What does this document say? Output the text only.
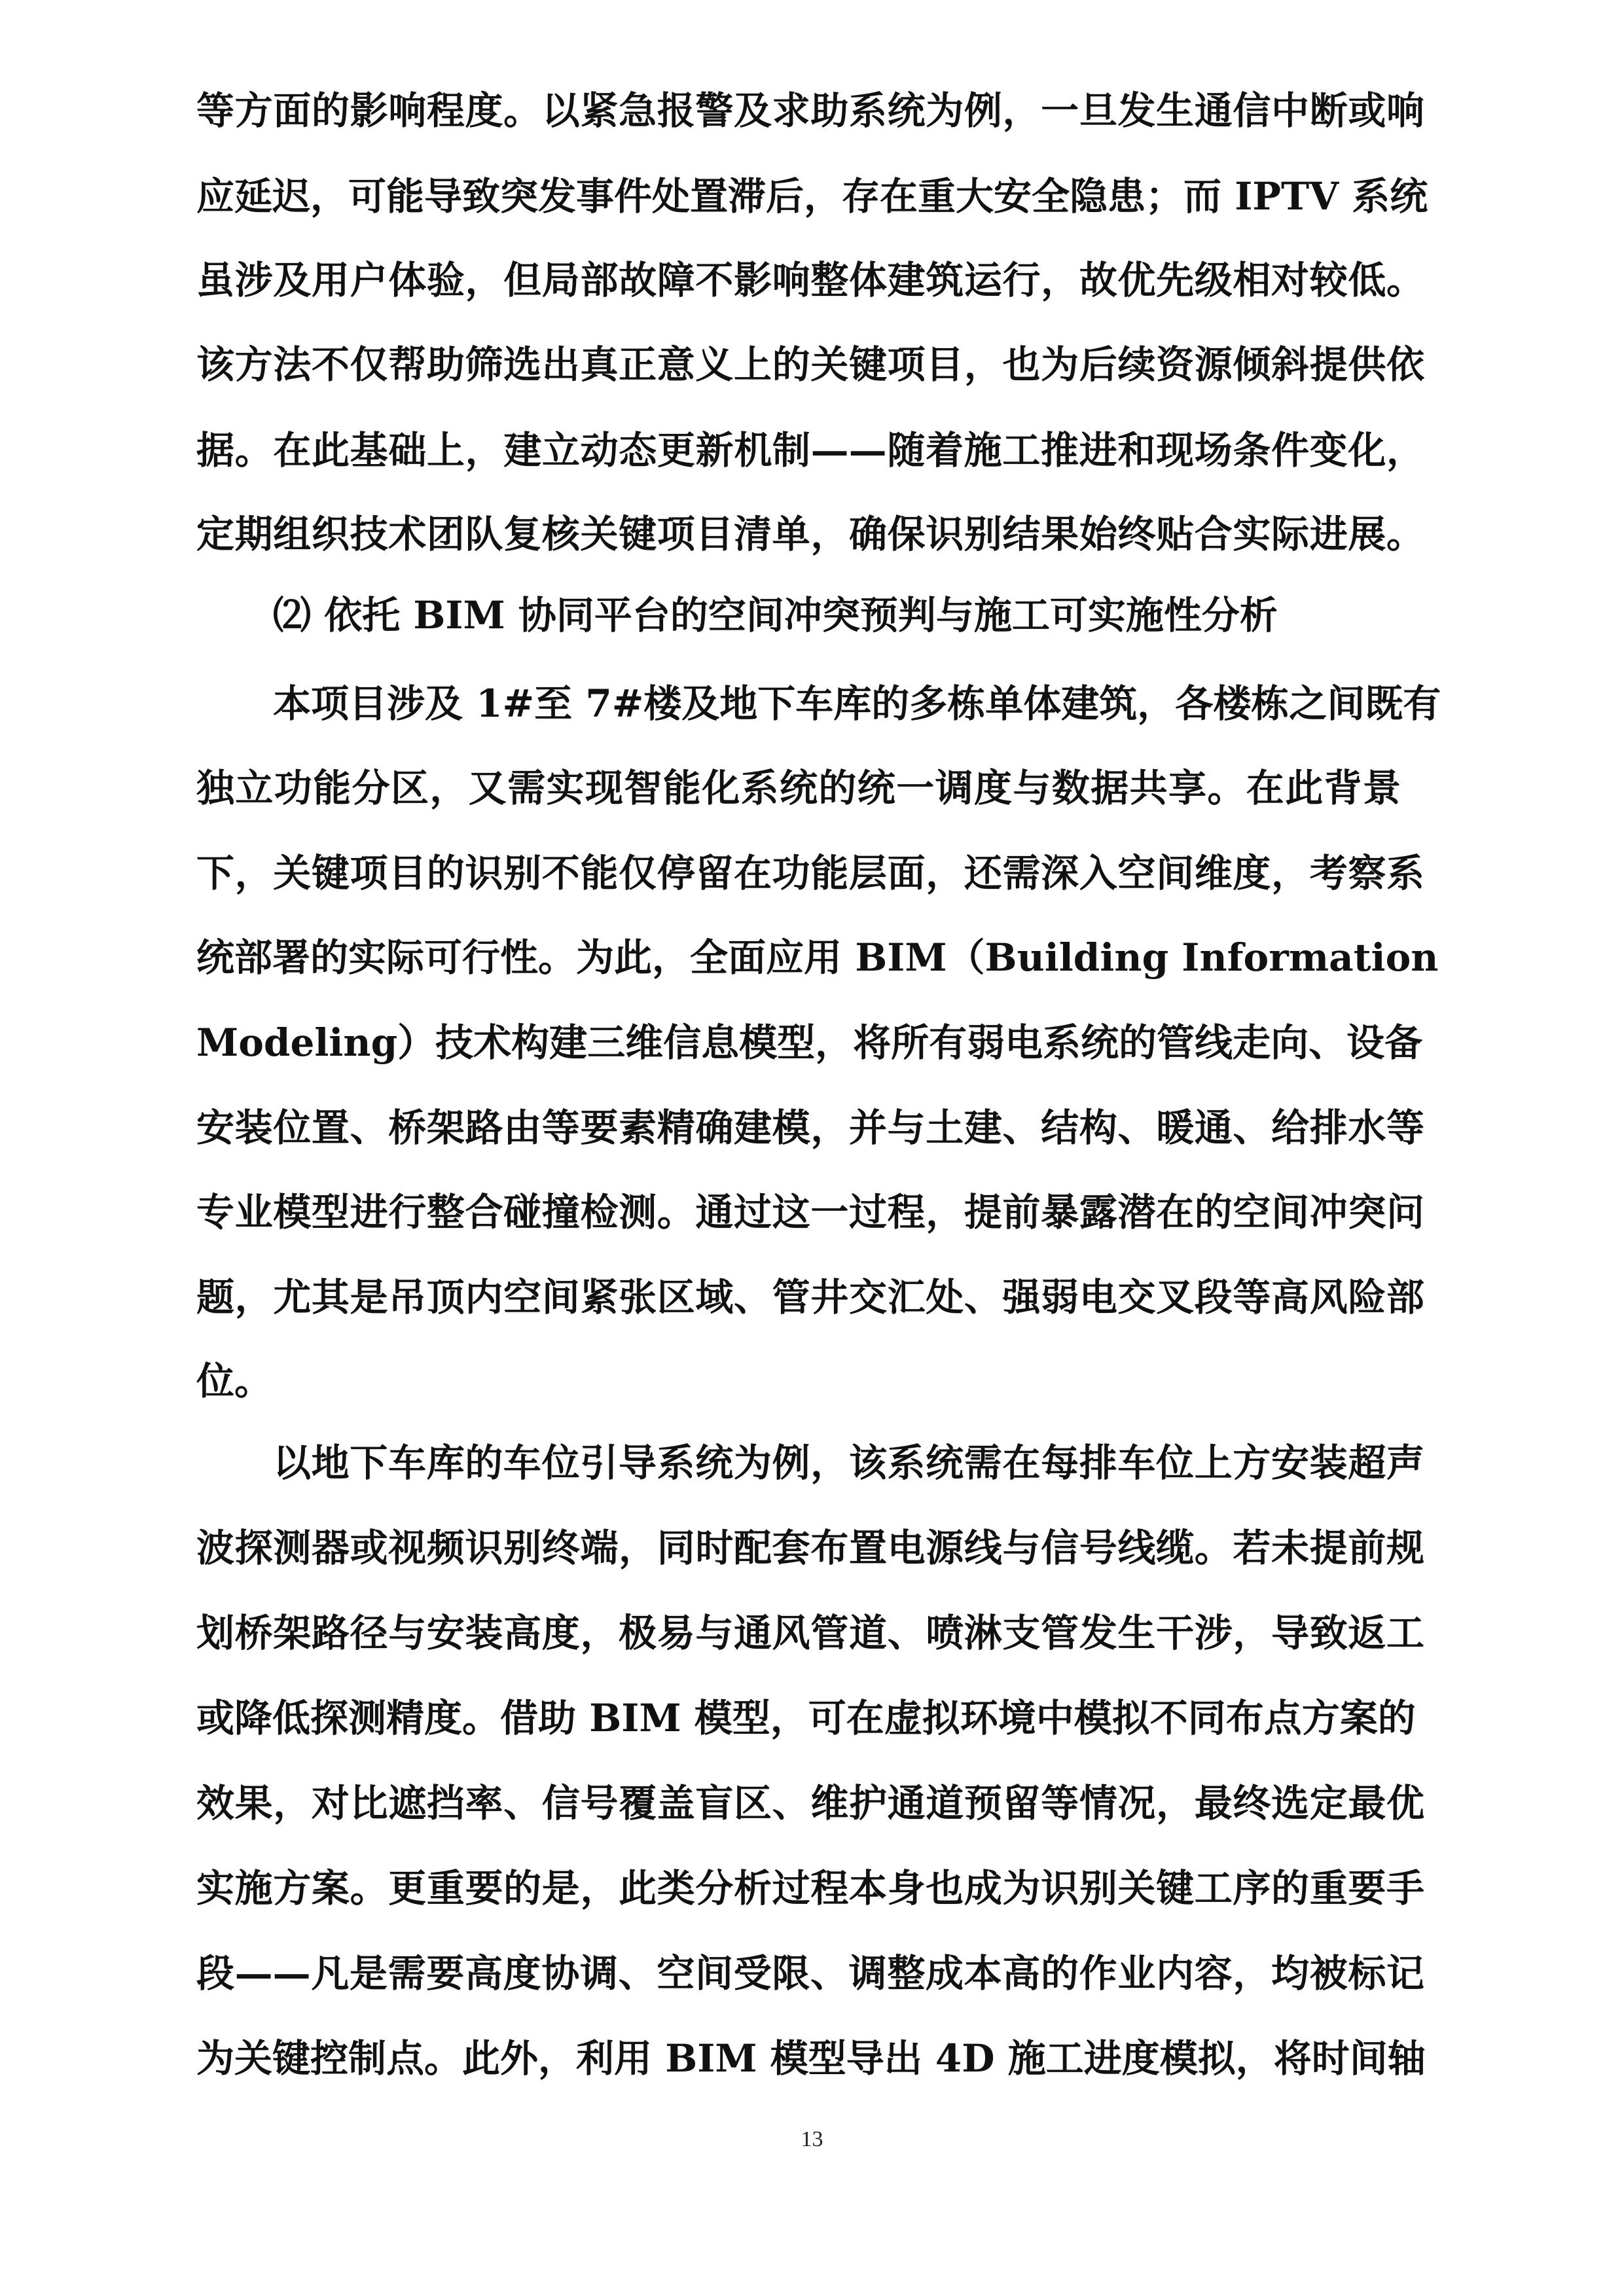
等方面的影响程度。以紧急报警及求助系统为例，一旦发生通信中断或响
应延迟，可能导致突发事件处置滞后，存在重大安全隐患；而 IPTV 系统
虽涉及用户体验，但局部故障不影响整体建筑运行，故优先级相对较低。
该方法不仅帮助筛选出真正意义上的关键项目，也为后续资源倾斜提供依
据。在此基础上，建立动态更新机制——随着施工推进和现场条件变化，
定期组织技术团队复核关键项目清单，确保识别结果始终贴合实际进展。
⑵ 依托 BIM 协同平台的空间冲突预判与施工可实施性分析
本项目涉及 1#至 7#楼及地下车库的多栋单体建筑，各楼栋之间既有
独立功能分区，又需实现智能化系统的统一调度与数据共享。在此背景
下，关键项目的识别不能仅停留在功能层面，还需深入空间维度，考察系
统部署的实际可行性。为此，全面应用 BIM（Building Information
Modeling）技术构建三维信息模型，将所有弱电系统的管线走向、设备
安装位置、桥架路由等要素精确建模，并与土建、结构、暖通、给排水等
专业模型进行整合碰撞检测。通过这一过程，提前暴露潜在的空间冲突问
题，尤其是吊顶内空间紧张区域、管井交汇处、强弱电交叉段等高风险部
位。
以地下车库的车位引导系统为例，该系统需在每排车位上方安装超声
波探测器或视频识别终端，同时配套布置电源线与信号线缆。若未提前规
划桥架路径与安装高度，极易与通风管道、喷淋支管发生干涉，导致返工
或降低探测精度。借助 BIM 模型，可在虚拟环境中模拟不同布点方案的
效果，对比遮挡率、信号覆盖盲区、维护通道预留等情况，最终选定最优
实施方案。更重要的是，此类分析过程本身也成为识别关键工序的重要手
段——凡是需要高度协调、空间受限、调整成本高的作业内容，均被标记
为关键控制点。此外，利用 BIM 模型导出 4D 施工进度模拟，将时间轴
13
